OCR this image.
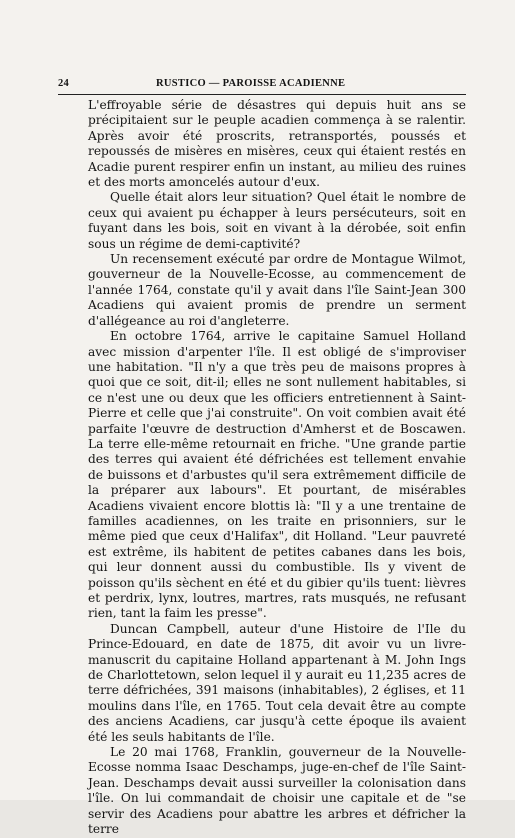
24	RUSTICO — PAROISSE ACADIENNE

L'effroyable série de désastres qui depuis huit ans se précipitaient sur le peuple acadien commença à se ralentir. Après avoir été proscrits, retransportés, poussés et repoussés de misères en misères, ceux qui étaient restés en Acadie purent respirer enfin un instant, au milieu des ruines et des morts amoncelés autour d'eux.

Quelle était alors leur situation? Quel était le nombre de ceux qui avaient pu échapper à leurs persécuteurs, soit en fuyant dans les bois, soit en vivant à la dérobée, soit enfin sous un régime de demi-captivité?

Un recensement exécuté par ordre de Montague Wilmot, gouverneur de la Nouvelle-Ecosse, au commencement de l'année 1764, constate qu'il y avait dans l'île Saint-Jean 300 Acadiens qui avaient promis de prendre un serment d'allégeance au roi d'angleterre.

En octobre 1764, arrive le capitaine Samuel Holland avec mission d'arpenter l'île. Il est obligé de s'improviser une habitation. "Il n'y a que très peu de maisons propres à quoi que ce soit, dit-il; elles ne sont nullement habitables, si ce n'est une ou deux que les officiers entretiennent à Saint-Pierre et celle que j'ai construite". On voit combien avait été parfaite l'œuvre de destruction d'Amherst et de Boscawen. La terre elle-même retournait en friche. "Une grande partie des terres qui avaient été défrichées est tellement envahie de buissons et d'arbustes qu'il sera extrêmement difficile de la préparer aux labours". Et pourtant, de misérables Acadiens vivaient encore blottis là: "Il y a une trentaine de familles acadiennes, on les traite en prisonniers, sur le même pied que ceux d'Halifax", dit Holland. "Leur pauvreté est extrême, ils habitent de petites cabanes dans les bois, qui leur donnent aussi du combustible. Ils y vivent de poisson qu'ils sèchent en été et du gibier qu'ils tuent: lièvres et perdrix, lynx, loutres, martres, rats musqués, ne refusant rien, tant la faim les presse".

Duncan Campbell, auteur d'une Histoire de l'Ile du Prince-Edouard, en date de 1875, dit avoir vu un livre-manuscrit du capitaine Holland appartenant à M. John Ings de Charlottetown, selon lequel il y aurait eu 11,235 acres de terre défrichées, 391 maisons (inhabitables), 2 églises, et 11 moulins dans l'île, en 1765. Tout cela devait être au compte des anciens Acadiens, car jusqu'à cette époque ils avaient été les seuls habitants de l'île.

Le 20 mai 1768, Franklin, gouverneur de la Nouvelle-Ecosse nomma Isaac Deschamps, juge-en-chef de l'île Saint-Jean. Deschamps devait aussi surveiller la colonisation dans l'île. On lui commandait de choisir une capitale et de "se servir des Acadiens pour abattre les arbres et défricher la terre
